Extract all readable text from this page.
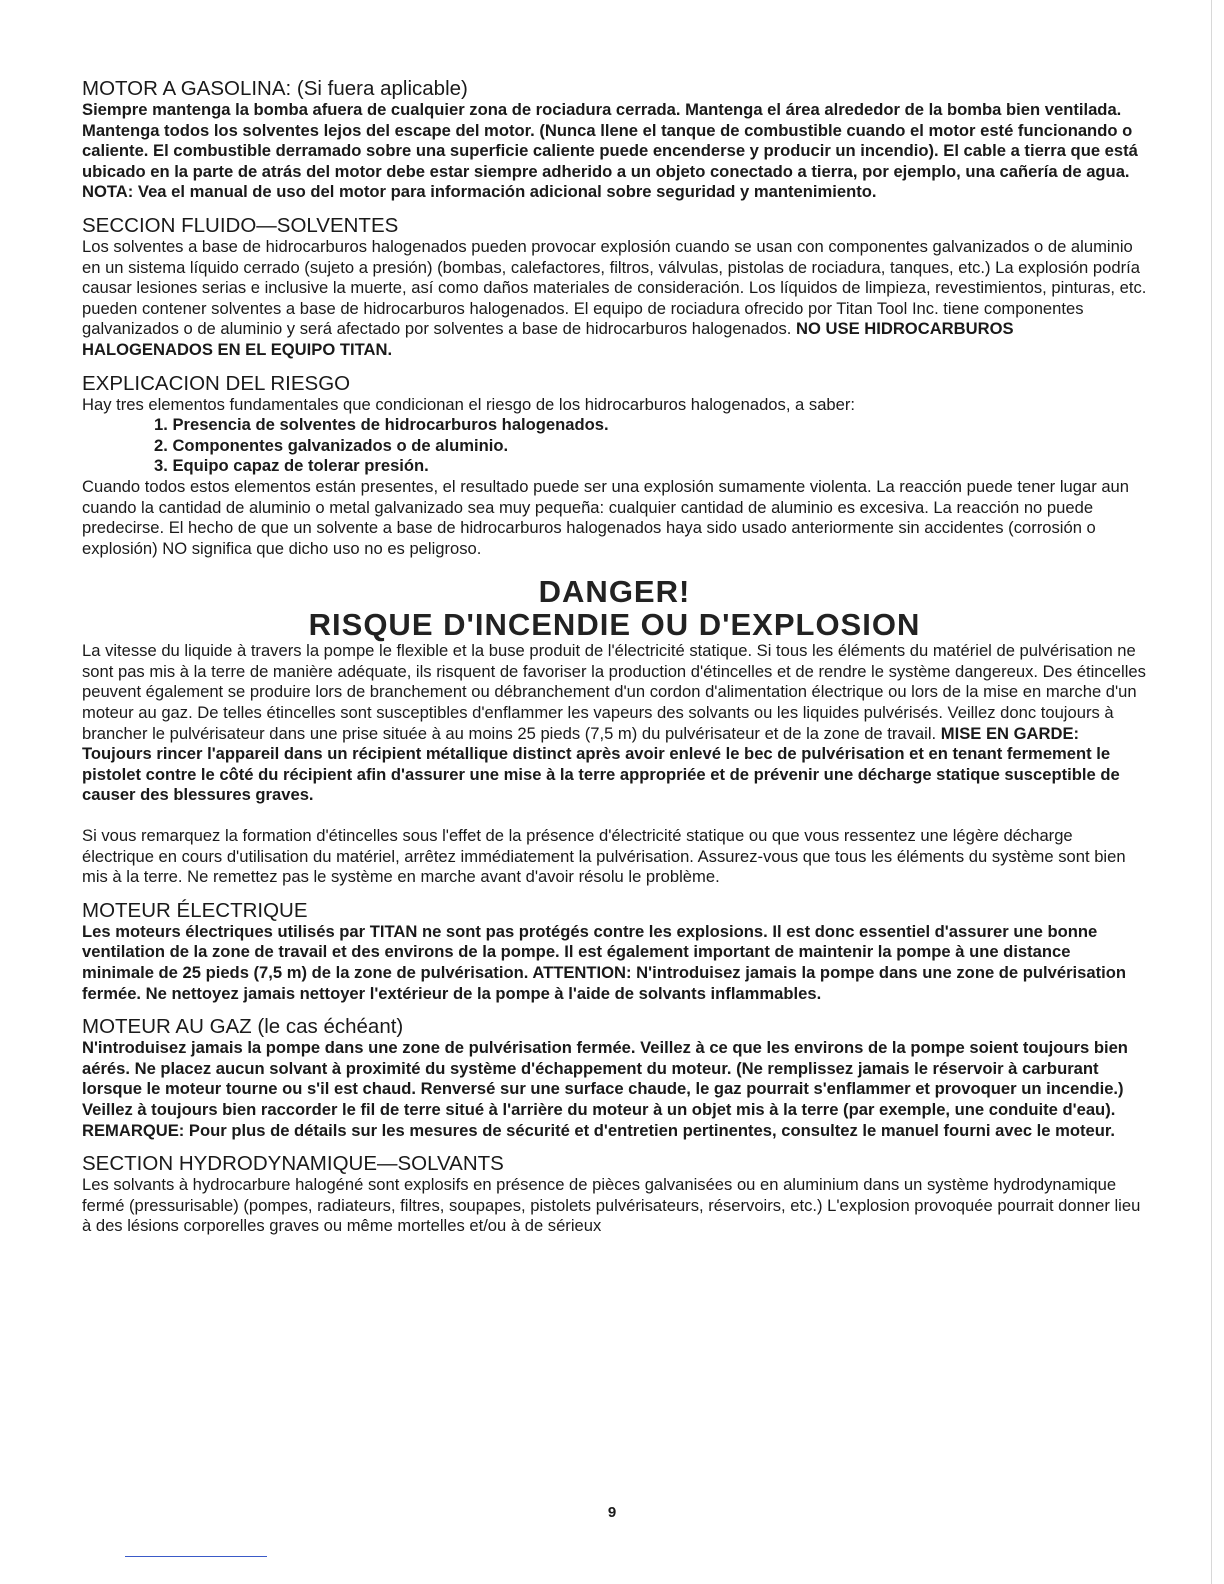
MOTOR A GASOLINA: (Si fuera aplicable)

Siempre mantenga la bomba afuera de cualquier zona de rociadura cerrada. Mantenga el área alrededor de la bomba bien ventilada. Mantenga todos los solventes lejos del escape del motor. (Nunca llene el tanque de combustible cuando el motor esté funcionando o caliente. El combustible derramado sobre una superficie caliente puede encenderse y producir un incendio). El cable a tierra que está ubicado en la parte de atrás del motor debe estar siempre adherido a un objeto conectado a tierra, por ejemplo, una cañería de agua. NOTA: Vea el manual de uso del motor para información adicional sobre seguridad y mantenimiento.

SECCION FLUIDO—SOLVENTES

Los solventes a base de hidrocarburos halogenados pueden provocar explosión cuando se usan con componentes galvanizados o de aluminio en un sistema líquido cerrado (sujeto a presión) (bombas, calefactores, filtros, válvulas, pistolas de rociadura, tanques, etc.) La explosión podría causar lesiones serias e inclusive la muerte, así como daños materiales de consideración. Los líquidos de limpieza, revestimientos, pinturas, etc. pueden contener solventes a base de hidrocarburos halogenados. El equipo de rociadura ofrecido por Titan Tool Inc. tiene componentes galvanizados o de aluminio y será afectado por solventes a base de hidrocarburos halogenados. NO USE HIDROCARBUROS HALOGENADOS EN EL EQUIPO TITAN.

EXPLICACION DEL RIESGO

Hay tres elementos fundamentales que condicionan el riesgo de los hidrocarburos halogenados, a saber:

1. Presencia de solventes de hidrocarburos halogenados.
2. Componentes galvanizados o de aluminio.
3. Equipo capaz de tolerar presión.

Cuando todos estos elementos están presentes, el resultado puede ser una explosión sumamente violenta. La reacción puede tener lugar aun cuando la cantidad de aluminio o metal galvanizado sea muy pequeña: cualquier cantidad de aluminio es excesiva. La reacción no puede predecirse. El hecho de que un solvente a base de hidrocarburos halogenados haya sido usado anteriormente sin accidentes (corrosión o explosión) NO significa que dicho uso no es peligroso.

DANGER!
RISQUE D'INCENDIE OU D'EXPLOSION

La vitesse du liquide à travers la pompe le flexible et la buse produit de l'électricité statique. Si tous les éléments du matériel de pulvérisation ne sont pas mis à la terre de manière adéquate, ils risquent de favoriser la production d'étincelles et de rendre le système dangereux. Des étincelles peuvent également se produire lors de branchement ou débranchement d'un cordon d'alimentation électrique ou lors de la mise en marche d'un moteur au gaz. De telles étincelles sont susceptibles d'enflammer les vapeurs des solvants ou les liquides pulvérisés. Veillez donc toujours à brancher le pulvérisateur dans une prise située à au moins 25 pieds (7,5 m) du pulvérisateur et de la zone de travail. MISE EN GARDE: Toujours rincer l'appareil dans un récipient métallique distinct après avoir enlevé le bec de pulvérisation et en tenant fermement le pistolet contre le côté du récipient afin d'assurer une mise à la terre appropriée et de prévenir une décharge statique susceptible de causer des blessures graves.

Si vous remarquez la formation d'étincelles sous l'effet de la présence d'électricité statique ou que vous ressentez une légère décharge électrique en cours d'utilisation du matériel, arrêtez immédiatement la pulvérisation. Assurez-vous que tous les éléments du système sont bien mis à la terre. Ne remettez pas le système en marche avant d'avoir résolu le problème.

MOTEUR ÉLECTRIQUE

Les moteurs électriques utilisés par TITAN ne sont pas protégés contre les explosions. Il est donc essentiel d'assurer une bonne ventilation de la zone de travail et des environs de la pompe. Il est également important de maintenir la pompe à une distance minimale de 25 pieds (7,5 m) de la zone de pulvérisation. ATTENTION: N'introduisez jamais la pompe dans une zone de pulvérisation fermée. Ne nettoyez jamais nettoyer l'extérieur de la pompe à l'aide de solvants inflammables.

MOTEUR AU GAZ (le cas échéant)

N'introduisez jamais la pompe dans une zone de pulvérisation fermée. Veillez à ce que les environs de la pompe soient toujours bien aérés. Ne placez aucun solvant à proximité du système d'échappement du moteur. (Ne remplissez jamais le réservoir à carburant lorsque le moteur tourne ou s'il est chaud. Renversé sur une surface chaude, le gaz pourrait s'enflammer et provoquer un incendie.) Veillez à toujours bien raccorder le fil de terre situé à l'arrière du moteur à un objet mis à la terre (par exemple, une conduite d'eau). REMARQUE: Pour plus de détails sur les mesures de sécurité et d'entretien pertinentes, consultez le manuel fourni avec le moteur.

SECTION HYDRODYNAMIQUE—SOLVANTS

Les solvants à hydrocarbure halogéné sont explosifs en présence de pièces galvanisées ou en aluminium dans un système hydrodynamique fermé (pressurisable) (pompes, radiateurs, filtres, soupapes, pistolets pulvérisateurs, réservoirs, etc.) L'explosion provoquée pourrait donner lieu à des lésions corporelles graves ou même mortelles et/ou à de sérieux

9
